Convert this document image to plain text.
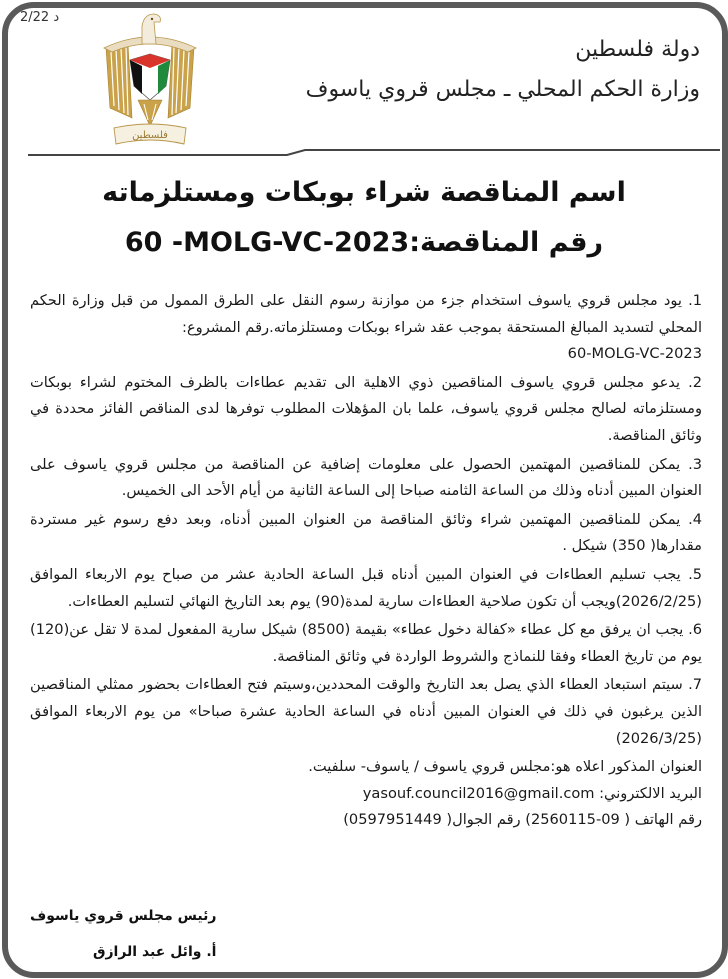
2/22 د
فلسطين
دولة فلسطين
وزارة الحكم المحلي ـ مجلس قروي ياسوف
اسم المناقصة شراء بوبكات ومستلزماته
رقم المناقصة:60 -MOLG-VC-2023

1. يود مجلس قروي ياسوف استخدام جزء من موازنة رسوم النقل على الطرق الممول من قبل وزارة الحكم المحلي لتسديد المبالغ المستحقة بموجب عقد شراء بوبكات ومستلزماته.رقم المشروع:
60-MOLG-VC-2023

2. يدعو مجلس قروي ياسوف المناقصين ذوي الاهلية الى تقديم عطاءات بالظرف المختوم لشراء بوبكات ومستلزماته لصالح مجلس قروي ياسوف، علما بان المؤهلات المطلوب توفرها لدى المناقص الفائز محددة في وثائق المناقصة.

3. يمكن للمناقصين المهتمين الحصول على معلومات إضافية عن المناقصة من مجلس قروي ياسوف على العنوان المبين أدناه وذلك من الساعة الثامنه صباحا إلى الساعة الثانية من أيام الأحد الى الخميس.

4. يمكن للمناقصين المهتمين شراء وثائق المناقصة من العنوان المبين أدناه، وبعد دفع رسوم غير مستردة مقدارها( 350) شيكل .

5. يجب تسليم العطاءات في العنوان المبين أدناه قبل الساعة الحادية عشر من صباح يوم الاربعاء الموافق (2026/2/25)ويجب أن تكون صلاحية العطاءات سارية لمدة(90) يوم بعد التاريخ النهائي لتسليم العطاءات.

6. يجب ان يرفق مع كل عطاء «كفالة دخول عطاء» بقيمة (8500) شيكل سارية المفعول لمدة لا تقل عن(120) يوم من تاريخ العطاء وفقا للنماذج والشروط الواردة في وثائق المناقصة.

7. سيتم استبعاد العطاء الذي يصل بعد التاريخ والوقت المحددين،وسيتم فتح العطاءات بحضور ممثلي المناقصين الذين يرغبون في ذلك في العنوان المبين أدناه في الساعة الحادية عشرة صباحا» من يوم الاربعاء الموافق (2026/3/25)

العنوان المذكور اعلاه هو:مجلس قروي ياسوف / ياسوف- سلفيت.

البريد الالكتروني: yasouf.council2016@gmail.com

رقم الهاتف ( 09-2560115) رقم الجوال( 0597951449)

رئيس مجلس قروي ياسوف
أ. وائل عبد الرازق
